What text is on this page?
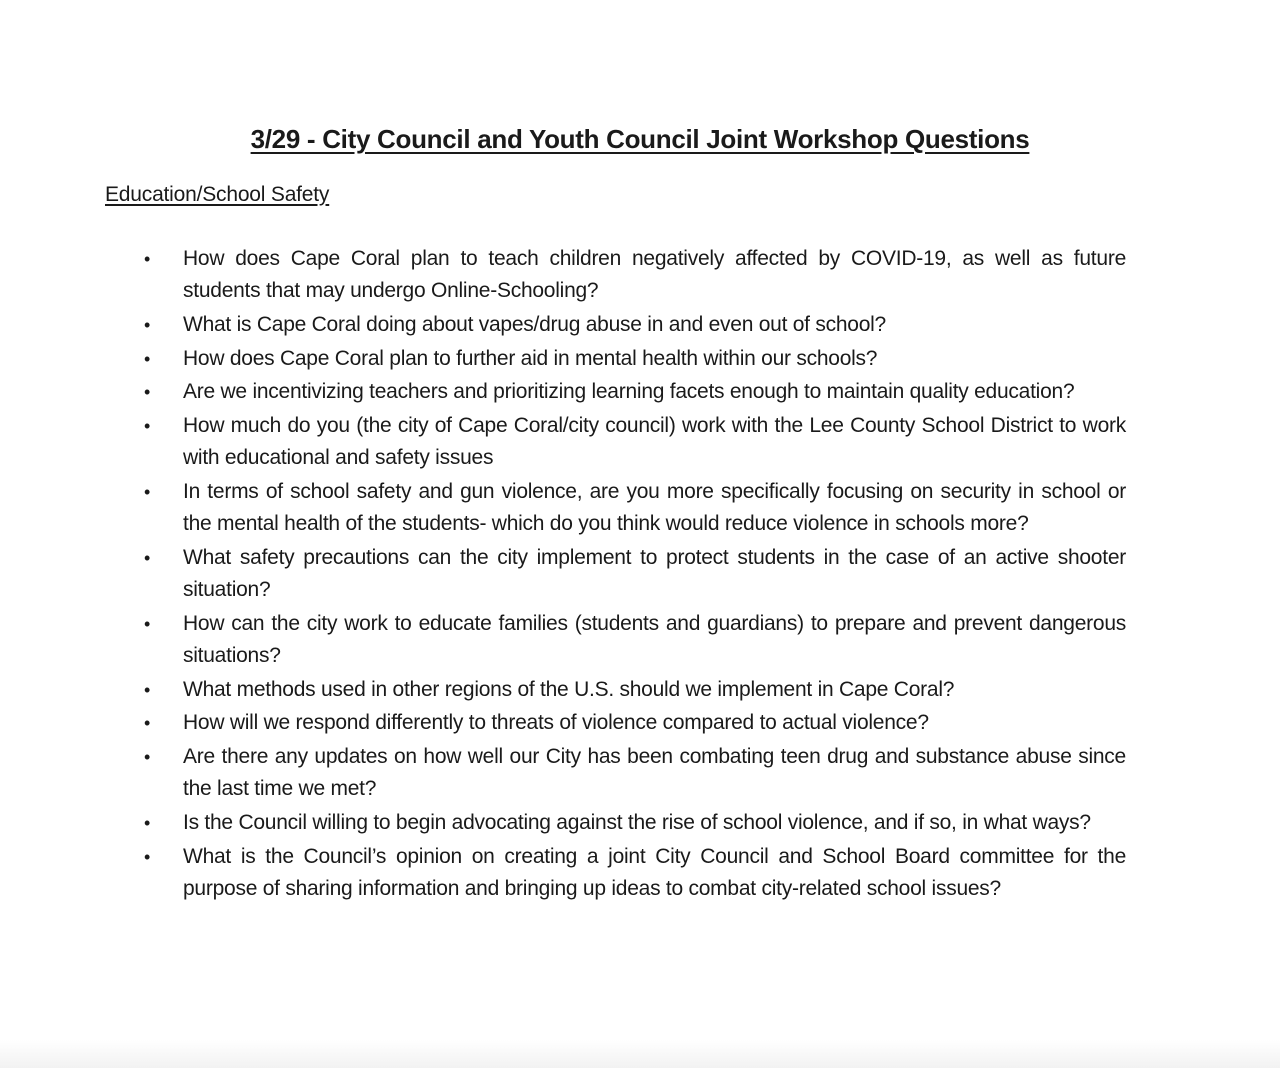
3/29 - City Council and Youth Council Joint Workshop Questions
Education/School Safety
• How does Cape Coral plan to teach children negatively affected by COVID-19, as well as future students that may undergo Online-Schooling?
• What is Cape Coral doing about vapes/drug abuse in and even out of school?
• How does Cape Coral plan to further aid in mental health within our schools?
• Are we incentivizing teachers and prioritizing learning facets enough to maintain quality education?
• How much do you (the city of Cape Coral/city council) work with the Lee County School District to work with educational and safety issues
• In terms of school safety and gun violence, are you more specifically focusing on security in school or the mental health of the students- which do you think would reduce violence in schools more?
• What safety precautions can the city implement to protect students in the case of an active shooter situation?
• How can the city work to educate families (students and guardians) to prepare and prevent dangerous situations?
• What methods used in other regions of the U.S. should we implement in Cape Coral?
• How will we respond differently to threats of violence compared to actual violence?
• Are there any updates on how well our City has been combating teen drug and substance abuse since the last time we met?
• Is the Council willing to begin advocating against the rise of school violence, and if so, in what ways?
• What is the Council’s opinion on creating a joint City Council and School Board committee for the purpose of sharing information and bringing up ideas to combat city-related school issues?
